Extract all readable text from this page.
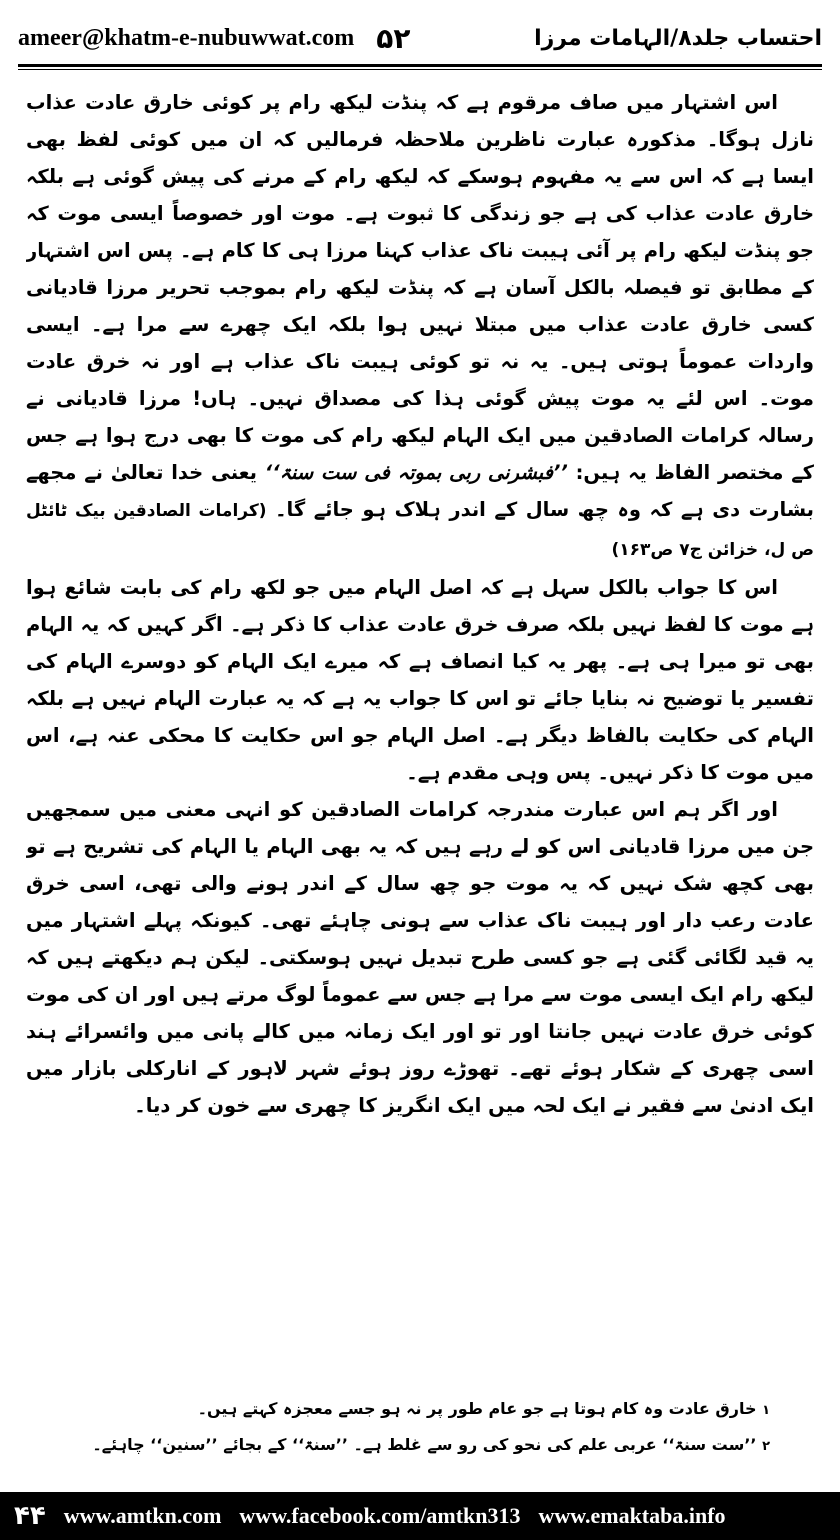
ameer@khatm-e-nubuwwat.com ۵۲	احتساب جلد۸/الہامات مرزا

اس اشتہار میں صاف مرقوم ہے کہ پنڈت لیکھ رام پر کوئی خارق عادت عذاب نازل ہوگا۔ مذکورہ عبارت ناظرین ملاحظہ فرمالیں کہ ان میں کوئی لفظ بھی ایسا ہے کہ اس سے یہ مفہوم ہوسکے کہ لیکھ رام کے مرنے کی پیش گوئی ہے بلکہ خارق عادت عذاب کی ہے جو زندگی کا ثبوت ہے۔ موت اور خصوصاً ایسی موت کہ جو پنڈت لیکھ رام پر آئی ہیبت ناک عذاب کہنا مرزا ہی کا کام ہے۔ پس اس اشتہار کے مطابق تو فیصلہ بالکل آسان ہے کہ پنڈت لیکھ رام بموجب تحریر مرزا قادیانی کسی خارق عادت عذاب میں مبتلا نہیں ہوا بلکہ ایک چھرے سے مرا ہے۔ ایسی واردات عموماً ہوتی ہیں۔ یہ نہ تو کوئی ہیبت ناک عذاب ہے اور نہ خرق عادت موت۔ اس لئے یہ موت پیش گوئی ہذا کی مصداق نہیں۔ ہاں! مرزا قادیانی نے رسالہ کرامات الصادقین میں ایک الہام لیکھ رام کی موت کا بھی درج ہوا ہے جس کے مختصر الفاظ یہ ہیں: ’’فبشرنی ربی بموتہ فی ست سنۃ‘‘ یعنی خدا تعالیٰ نے مجھے بشارت دی ہے کہ وہ چھ سال کے اندر ہلاک ہو جائے گا۔ (کرامات الصادقین بیک ٹائٹل ص ل، خزائن ج۷ ص۱۶۳)

اس کا جواب بالکل سہل ہے کہ اصل الہام میں جو لکھ رام کی بابت شائع ہوا ہے موت کا لفظ نہیں بلکہ صرف خرق عادت عذاب کا ذکر ہے۔ اگر کہیں کہ یہ الہام بھی تو میرا ہی ہے۔ پھر یہ کیا انصاف ہے کہ میرے ایک الہام کو دوسرے الہام کی تفسیر یا توضیح نہ بنایا جائے تو اس کا جواب یہ ہے کہ یہ عبارت الہام نہیں ہے بلکہ الہام کی حکایت بالفاظ دیگر ہے۔ اصل الہام جو اس حکایت کا محکی عنہ ہے، اس میں موت کا ذکر نہیں۔ پس وہی مقدم ہے۔

اور اگر ہم اس عبارت مندرجہ کرامات الصادقین کو انہی معنی میں سمجھیں جن میں مرزا قادیانی اس کو لے رہے ہیں کہ یہ بھی الہام یا الہام کی تشریح ہے تو بھی کچھ شک نہیں کہ یہ موت جو چھ سال کے اندر ہونے والی تھی، اسی خرق عادت رعب دار اور ہیبت ناک عذاب سے ہونی چاہئے تھی۔ کیونکہ پہلے اشتہار میں یہ قید لگائی گئی ہے جو کسی طرح تبدیل نہیں ہوسکتی۔ لیکن ہم دیکھتے ہیں کہ لیکھ رام ایک ایسی موت سے مرا ہے جس سے عموماً لوگ مرتے ہیں اور ان کی موت کوئی خرق عادت نہیں جانتا اور تو اور ایک زمانہ میں کالے پانی میں وائسرائے ہند اسی چھری کے شکار ہوئے تھے۔ تھوڑے روز ہوئے شہر لاہور کے انارکلی بازار میں ایک ادنیٰ سے فقیر نے ایک لحہ میں ایک انگریز کا چھری سے خون کر دیا۔

۱ خارق عادت وہ کام ہوتا ہے جو عام طور پر نہ ہو جسے معجزہ کہتے ہیں۔
۲ ’’ست سنۃ‘‘ عربی علم کی نحو کی رو سے غلط ہے۔ ’’سنۃ‘‘ کے بجائے ’’سنین‘‘ چاہئے۔
۴۴ www.amtkn.com www.facebook.com/amtkn313 www.emaktaba.info
